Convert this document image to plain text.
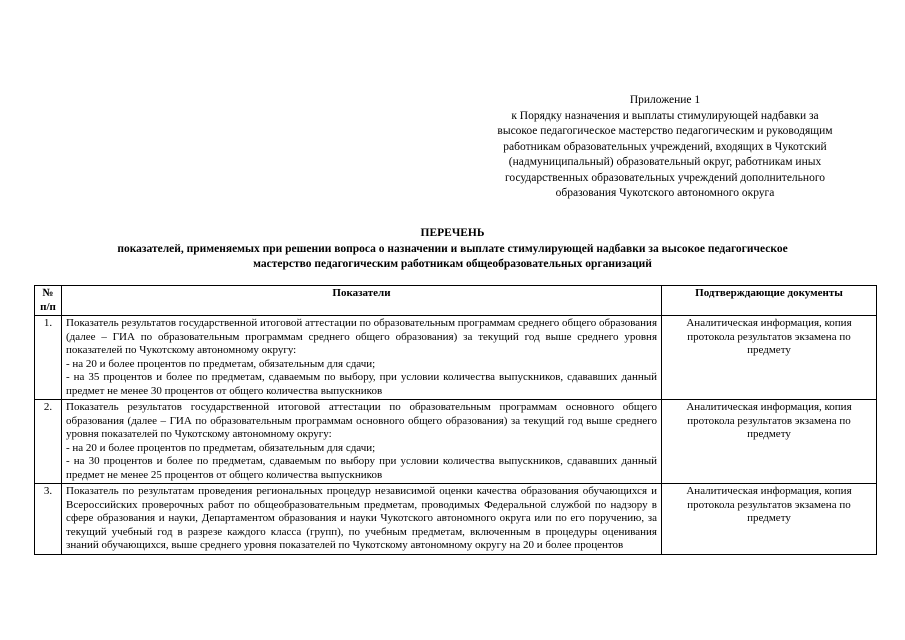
Приложение 1
к Порядку назначения и выплаты стимулирующей надбавки за
высокое педагогическое мастерство педагогическим и руководящим
работникам образовательных учреждений, входящих в Чукотский
(надмуниципальный) образовательный округ, работникам иных
государственных образовательных учреждений дополнительного
образования Чукотского автономного округа
ПЕРЕЧЕНЬ
показателей, применяемых при решении вопроса о назначении и выплате стимулирующей надбавки за высокое педагогическое
мастерство педагогическим работникам общеобразовательных организаций
№ п/п	Показатели	Подтверждающие документы
1.	Показатель результатов государственной итоговой аттестации по образовательным программам среднего общего образования (далее – ГИА по образовательным программам среднего общего образования) за текущий год выше среднего уровня показателей по Чукотскому автономному округу:

- на 20 и более процентов по предметам, обязательным для сдачи;

- на 35 процентов и более по предметам, сдаваемым по выбору, при условии количества выпускников, сдававших данный предмет не менее 30 процентов от общего количества выпускников	Аналитическая информация, копия протокола результатов экзамена по предмету
2.	Показатель результатов государственной итоговой аттестации по образовательным программам основного общего образования (далее – ГИА по образовательным программам основного общего образования) за текущий год выше среднего уровня показателей по Чукотскому автономному округу:

- на 20 и более процентов по предметам, обязательным для сдачи;

- на 30 процентов и более по предметам, сдаваемым по выбору при условии количества выпускников, сдававших данный предмет не менее 25 процентов от общего количества выпускников	Аналитическая информация, копия протокола результатов экзамена по предмету
3.	Показатель по результатам проведения региональных процедур независимой оценки качества образования обучающихся и Всероссийских проверочных работ по общеобразовательным предметам, проводимых Федеральной службой по надзору в сфере образования и науки, Департаментом образования и науки Чукотского автономного округа или по его поручению, за текущий учебный год в разрезе каждого класса (групп), по учебным предметам, включенным в процедуры оценивания знаний обучающихся, выше среднего уровня показателей по Чукотскому автономному округу на 20 и более процентов	Аналитическая информация, копия протокола результатов экзамена по предмету
